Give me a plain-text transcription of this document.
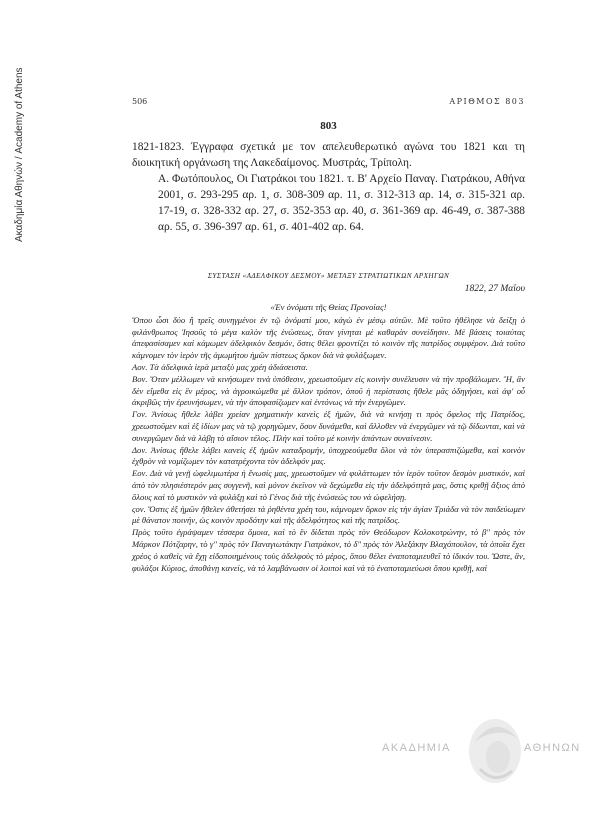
Ακαδημία Αθηνών / Academy of Athens	506	ΑΡΙΘΜΟΣ 803
803
1821-1823. Έγγραφα σχετικά με τον απελευθερωτικό αγώνα του 1821 και τη διοικητική οργάνωση της Λακεδαίμονος. Μυστράς, Τρίπολη.
Α. Φωτόπουλος, Οι Γιατράκοι του 1821. τ. Β' Αρχείο Παναγ. Γιατράκου, Αθήνα 2001, σ. 293-295 αρ. 1, σ. 308-309 αρ. 11, σ. 312-313 αρ. 14, σ. 315-321 αρ. 17-19, σ. 328-332 αρ. 27, σ. 352-353 αρ. 40, σ. 361-369 αρ. 46-49, σ. 387-388 αρ. 55, σ. 396-397 αρ. 61, σ. 401-402 αρ. 64.
ΣΥΣΤΑΣΗ «ΑΔΕΛΦΙΚΟΥ ΔΕΣΜΟΥ» ΜΕΤΑΞΥ ΣΤΡΑΤΙΩΤΙΚΩΝ ΑΡΧΗΓΩΝ
1822, 27 Μαΐου

«Έν ὀνόματι τῆς Θείας Προνοίας!

Ὅπου ὦσι δύο ἢ τρεῖς συνηγμένοι ἐν τῷ ὀνόματί μου, κἀγὼ ἐν μέσῳ αὐτῶν. Μὲ τοῦτο ἠθέλησε νὰ δείξῃ ὁ φιλάνθρωπος Ἰησοῦς τὸ μέγα καλὸν τῆς ἑνώσεως, ὅταν γίνηται μὲ καθαρὰν συνείδησιν. Μὲ βάσεις τοιαύτας ἀπεφασίσαμεν καὶ κάμωμεν ἀδελφικὸν δεσμόν, ὅστις θέλει φροντίζει τὸ κοινὸν τῆς πατρίδος συμφέρον. Διὰ τοῦτο κάμνομεν τὸν ἱερὸν τῆς ἁμωμήτου ἡμῶν πίστεως ὅρκον διὰ νὰ φυλάξωμεν.

Αον. Τὰ ἀδελφικὰ ἱερὰ μεταξὺ μας χρέη ἀδιάσειστα.

Βον. Ὅταν μέλλωμεν νὰ κινήσωμεν τινὰ ὑπόθεσιν, χρεωστοῦμεν εἰς κοινὴν συνέλευσιν νὰ τὴν προβάλωμεν. Ἢ, ἂν δὲν εἴμεθα εἰς ἓν μέρος, νὰ ἀγροικώμεθα μὲ ἄλλον τρόπον, ὁποῦ ἡ περίστασις ἤθελε μᾶς ὁδηγήσει, καὶ ἀφ' οὗ ἀκριβῶς τὴν ἐρευνήσωμεν, νὰ τὴν ἀποφασίζωμεν καὶ ἐντόνως νὰ τὴν ἐνεργῶμεν.

Γον. Ἀνίσως ἤθελε λάβει χρείαν χρηματικὴν κανεὶς ἐξ ἡμῶν, διὰ νὰ κινήσῃ τι πρὸς ὄφελος τῆς Πατρίδος, χρεωστοῦμεν καὶ ἐξ ἰδίων μας νὰ τῷ χορηγῶμεν, ὅσον δυνάμεθα, καὶ ἄλλοθεν νὰ ἐνεργῶμεν νὰ τῷ δίδωνται, καὶ νὰ συνεργῶμεν διὰ νὰ λάβῃ τὸ αἴσιον τέλος. Πλὴν καὶ τοῦτο μὲ κοινὴν ἁπάντων συναίνεσιν.

Δον. Ἀνίσως ἤθελε λάβει κανεὶς ἐξ ἡμῶν καταδρομήν, ὑποχρεούμεθα ὅλοι νὰ τὸν ὑπερασπιζώμεθα, καὶ κοινὸν ἐχθρὸν νὰ νομίζωμεν τὸν κατατρέχοντα τὸν ἀδελφόν μας.

Εον. Διὰ νὰ γενῇ ὠφελιμωτέρα ἡ ἕνωσίς μας, χρεωστοῦμεν νὰ φυλάττωμεν τὸν ἱερὸν τοῦτον δεσμὸν μυστικόν, καὶ ἀπὸ τὸν πλησιέστερόν μας συγγενῆ, καὶ μόνον ἐκεῖνον νὰ δεχώμεθα εἰς τὴν ἀδελφότητά μας, ὅστις κριθῇ ἄξιος ἀπὸ ὅλους καὶ τὸ μυστικὸν νὰ φυλάξῃ καὶ τὸ Γένος διὰ τῆς ἑνώσεώς του νὰ ὠφελήσῃ.

ςον. Ὅστις ἐξ ἡμῶν ἤθελεν ἀθετήσει τὰ ῥηθέντα χρέη του, κάμνομεν ὅρκον εἰς τὴν ἁγίαν Τριάδα νὰ τὸν παιδεύωμεν μὲ θάνατον ποινήν, ὡς κοινὸν προδότην καὶ τῆς ἀδελφότητος καὶ τῆς πατρίδος.

Πρὸς τοῦτο ἐγράψαμεν τέσσερα ὅμοια, καὶ τὸ ἓν δίδεται πρὸς τὸν Θεόδωρον Κολοκοτρώνην, τὸ β" πρὸς τὸν Μάρκον Πότζαρην, τὸ γ" πρὸς τὸν Παναγιωτάκην Γιατράκον, τὸ δ" πρὸς τὸν Ἀλεξάκην Βλαχόπουλον, τὰ ὁποῖα ἔχει χρέος ὁ καθεὶς νὰ ἔχῃ εἰδοποιημένους τοὺς ἀδελφοὺς τὸ μέρος, ὅπου θέλει ἐναποταμιευθεῖ τὸ ἰδικόν του. Ὥστε, ἂν, φυλάξοι Κύριος, ἀποθάνῃ κανείς, νὰ τὸ λαμβάνωσιν οἱ λοιποὶ καὶ νὰ τὸ ἐναποταμιεύωσι ὅπου κριθῇ, καὶ

ΑΚΑΔΗΜΙΑ	ΑΘΗΝΩΝ
